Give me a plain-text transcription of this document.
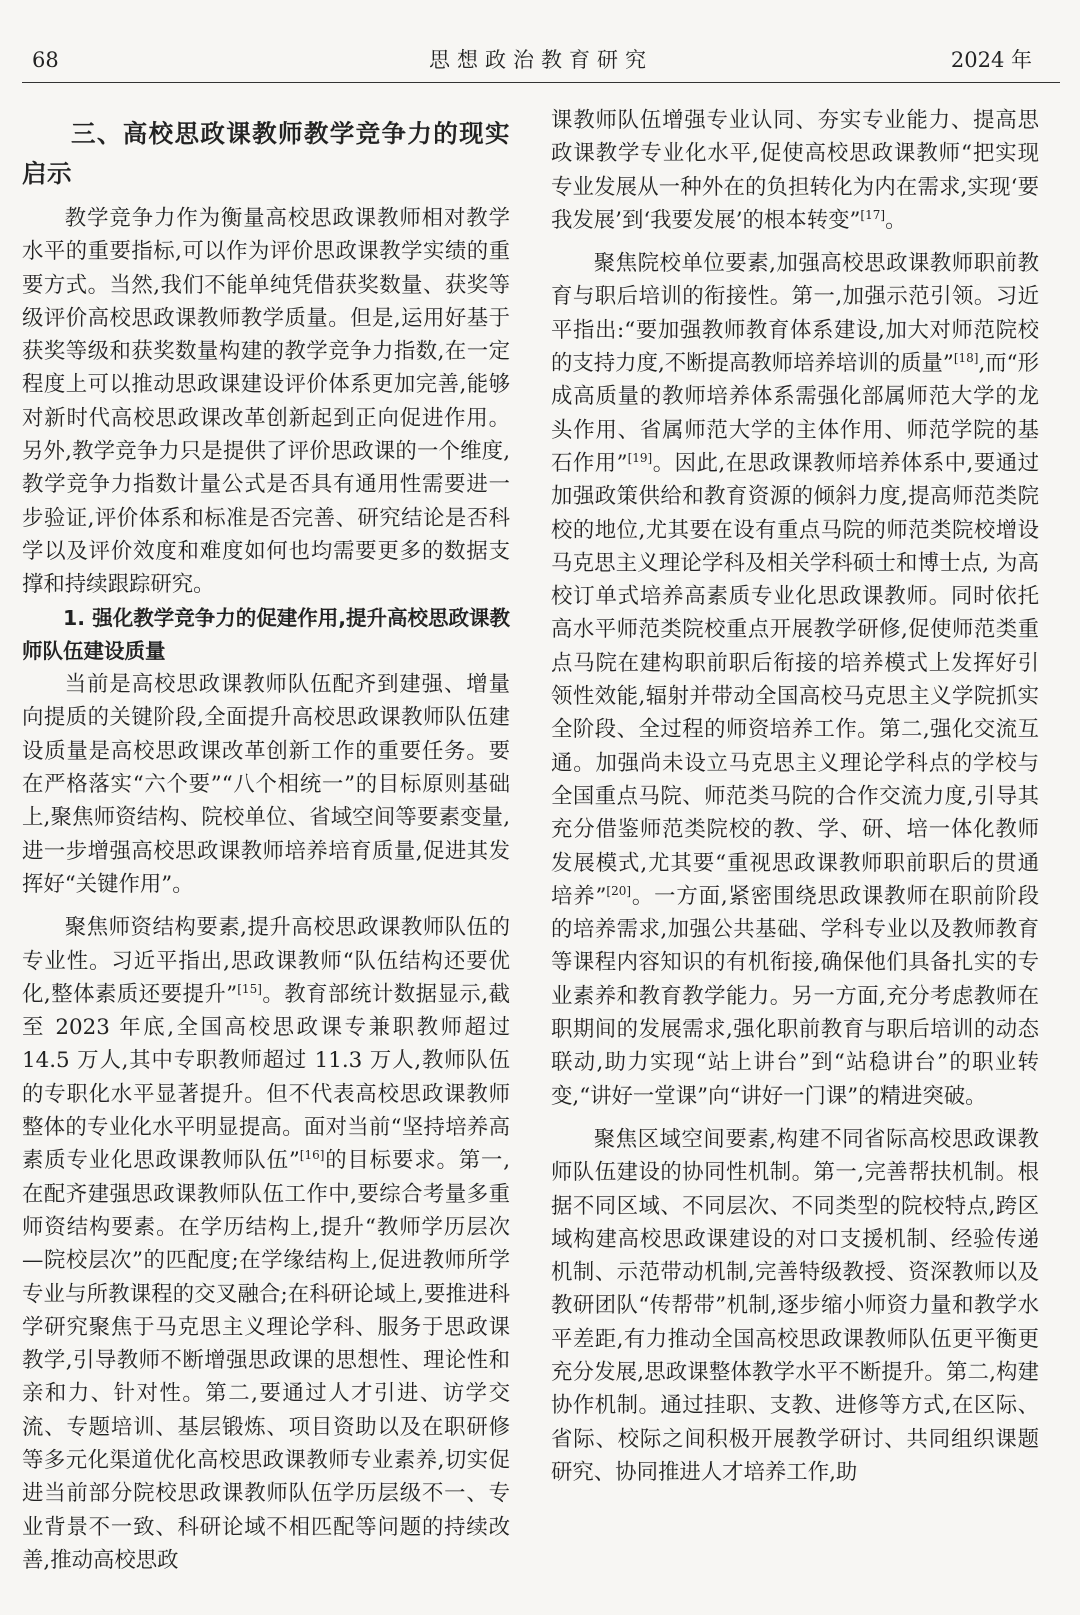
68	思想政治教育研究	2024 年
三、高校思政课教师教学竞争力的现实启示

教学竞争力作为衡量高校思政课教师相对教学水平的重要指标,可以作为评价思政课教学实绩的重要方式。当然,我们不能单纯凭借获奖数量、获奖等级评价高校思政课教师教学质量。但是,运用好基于获奖等级和获奖数量构建的教学竞争力指数,在一定程度上可以推动思政课建设评价体系更加完善,能够对新时代高校思政课改革创新起到正向促进作用。另外,教学竞争力只是提供了评价思政课的一个维度,教学竞争力指数计量公式是否具有通用性需要进一步验证,评价体系和标准是否完善、研究结论是否科学以及评价效度和难度如何也均需要更多的数据支撑和持续跟踪研究。

1. 强化教学竞争力的促建作用,提升高校思政课教师队伍建设质量

当前是高校思政课教师队伍配齐到建强、增量向提质的关键阶段,全面提升高校思政课教师队伍建设质量是高校思政课改革创新工作的重要任务。要在严格落实“六个要”“八个相统一”的目标原则基础上,聚焦师资结构、院校单位、省域空间等要素变量,进一步增强高校思政课教师培养培育质量,促进其发挥好“关键作用”。

聚焦师资结构要素,提升高校思政课教师队伍的专业性。习近平指出,思政课教师“队伍结构还要优化,整体素质还要提升”[15]。教育部统计数据显示,截至 2023 年底,全国高校思政课专兼职教师超过 14.5 万人,其中专职教师超过 11.3 万人,教师队伍的专职化水平显著提升。但不代表高校思政课教师整体的专业化水平明显提高。面对当前“坚持培养高素质专业化思政课教师队伍”[16]的目标要求。第一,在配齐建强思政课教师队伍工作中,要综合考量多重师资结构要素。在学历结构上,提升“教师学历层次—院校层次”的匹配度;在学缘结构上,促进教师所学专业与所教课程的交叉融合;在科研论域上,要推进科学研究聚焦于马克思主义理论学科、服务于思政课教学,引导教师不断增强思政课的思想性、理论性和亲和力、针对性。第二,要通过人才引进、访学交流、专题培训、基层锻炼、项目资助以及在职研修等多元化渠道优化高校思政课教师专业素养,切实促进当前部分院校思政课教师队伍学历层级不一、专业背景不一致、科研论域不相匹配等问题的持续改善,推动高校思政

课教师队伍增强专业认同、夯实专业能力、提高思政课教学专业化水平,促使高校思政课教师“把实现专业发展从一种外在的负担转化为内在需求,实现‘要我发展’到‘我要发展’的根本转变”[17]。

聚焦院校单位要素,加强高校思政课教师职前教育与职后培训的衔接性。第一,加强示范引领。习近平指出:“要加强教师教育体系建设,加大对师范院校的支持力度,不断提高教师培养培训的质量”[18],而“形成高质量的教师培养体系需强化部属师范大学的龙头作用、省属师范大学的主体作用、师范学院的基石作用”[19]。因此,在思政课教师培养体系中,要通过加强政策供给和教育资源的倾斜力度,提高师范类院校的地位,尤其要在设有重点马院的师范类院校增设马克思主义理论学科及相关学科硕士和博士点, 为高校订单式培养高素质专业化思政课教师。同时依托高水平师范类院校重点开展教学研修,促使师范类重点马院在建构职前职后衔接的培养模式上发挥好引领性效能,辐射并带动全国高校马克思主义学院抓实全阶段、全过程的师资培养工作。第二,强化交流互通。加强尚未设立马克思主义理论学科点的学校与全国重点马院、师范类马院的合作交流力度,引导其充分借鉴师范类院校的教、学、研、培一体化教师发展模式,尤其要“重视思政课教师职前职后的贯通培养”[20]。一方面,紧密围绕思政课教师在职前阶段的培养需求,加强公共基础、学科专业以及教师教育等课程内容知识的有机衔接,确保他们具备扎实的专业素养和教育教学能力。另一方面,充分考虑教师在职期间的发展需求,强化职前教育与职后培训的动态联动,助力实现“站上讲台”到“站稳讲台”的职业转变,“讲好一堂课”向“讲好一门课”的精进突破。

聚焦区域空间要素,构建不同省际高校思政课教师队伍建设的协同性机制。第一,完善帮扶机制。根据不同区域、不同层次、不同类型的院校特点,跨区域构建高校思政课建设的对口支援机制、经验传递机制、示范带动机制,完善特级教授、资深教师以及教研团队“传帮带”机制,逐步缩小师资力量和教学水平差距,有力推动全国高校思政课教师队伍更平衡更充分发展,思政课整体教学水平不断提升。第二,构建协作机制。通过挂职、支教、进修等方式,在区际、省际、校际之间积极开展教学研讨、共同组织课题研究、协同推进人才培养工作,助
